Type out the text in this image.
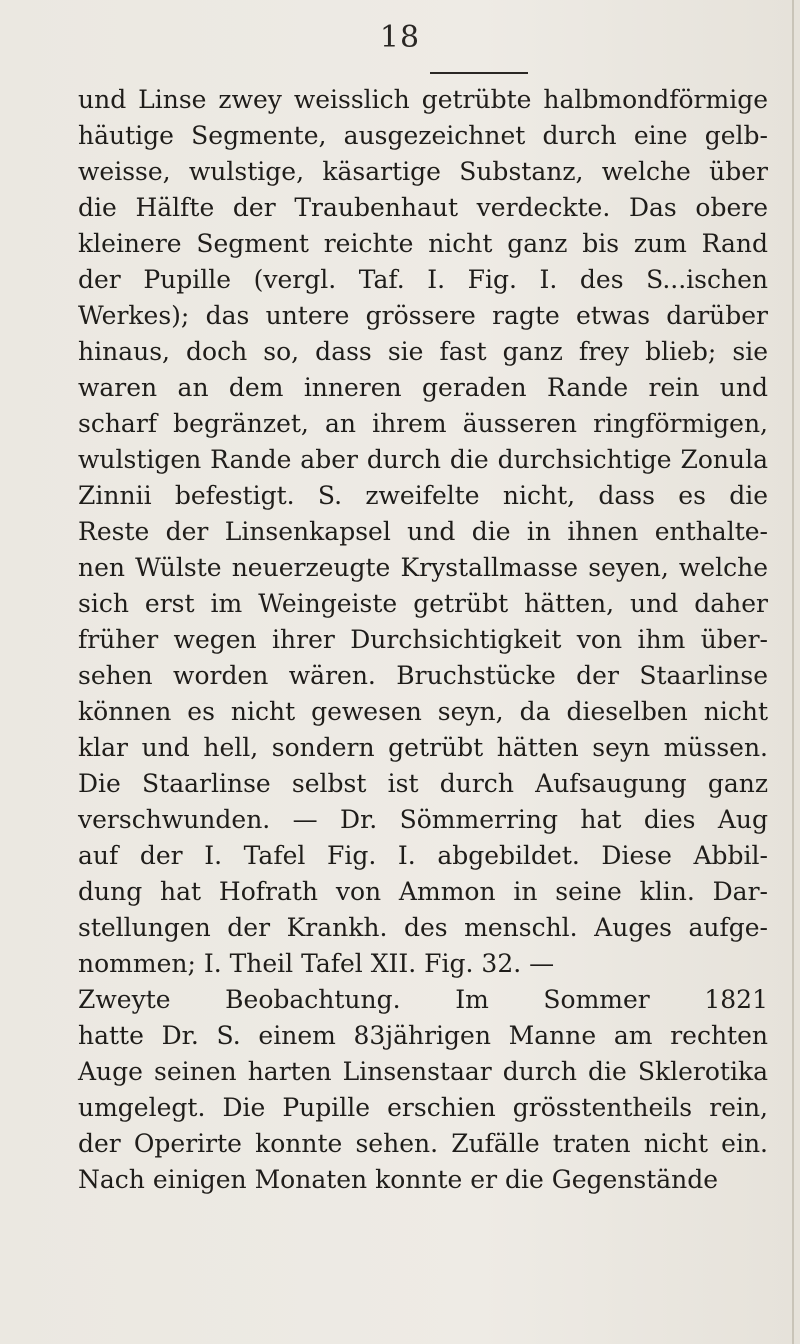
18
und Linse zwey weisslich getrübte halbmondförmige
häutige Segmente, ausgezeichnet durch eine gelb-
weisse, wulstige, käsartige Substanz, welche über
die Hälfte der Traubenhaut verdeckte. Das obere
kleinere Segment reichte nicht ganz bis zum Rand
der Pupille (vergl. Taf. I. Fig. I. des S...ischen
Werkes); das untere grössere ragte etwas darüber
hinaus, doch so, dass sie fast ganz frey blieb; sie
waren an dem inneren geraden Rande rein und
scharf begränzet, an ihrem äusseren ringförmigen,
wulstigen Rande aber durch die durchsichtige Zonula
Zinnii befestigt. S. zweifelte nicht, dass es die
Reste der Linsenkapsel und die in ihnen enthalte-
nen Wülste neuerzeugte Krystallmasse seyen, welche
sich erst im Weingeiste getrübt hätten, und daher
früher wegen ihrer Durchsichtigkeit von ihm über-
sehen worden wären. Bruchstücke der Staarlinse
können es nicht gewesen seyn, da dieselben nicht
klar und hell, sondern getrübt hätten seyn müssen.
Die Staarlinse selbst ist durch Aufsaugung ganz
verschwunden. — Dr. Sömmerring hat dies Aug
auf der I. Tafel Fig. I. abgebildet. Diese Abbil-
dung hat Hofrath von Ammon in seine klin. Dar-
stellungen der Krankh. des menschl. Auges aufge-
nommen; I. Theil Tafel XII. Fig. 32. —
Zweyte Beobachtung. Im Sommer 1821
hatte Dr. S. einem 83jährigen Manne am rechten
Auge seinen harten Linsenstaar durch die Sklerotika
umgelegt. Die Pupille erschien grösstentheils rein,
der Operirte konnte sehen. Zufälle traten nicht ein.
Nach einigen Monaten konnte er die Gegenstände
